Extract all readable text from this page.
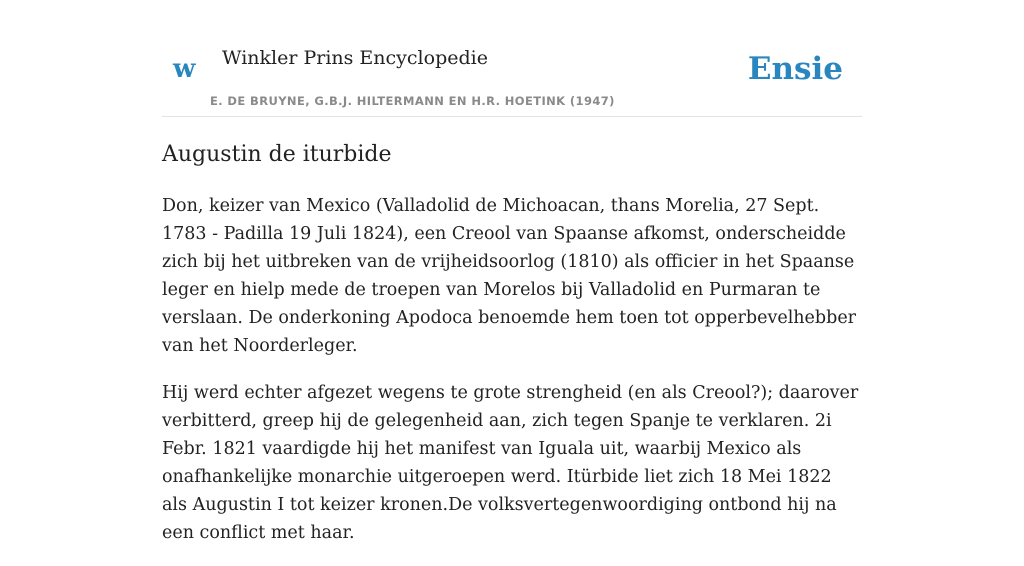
w Winkler Prins Encyclopedie
E. DE BRUYNE, G.B.J. HILTERMANN EN H.R. HOETINK (1947)
Ensie
Augustin de iturbide

Don, keizer van Mexico (Valladolid de Michoacan, thans Morelia, 27 Sept. 1783 - Padilla 19 Juli 1824), een Creool van Spaanse afkomst, onderscheidde zich bij het uitbreken van de vrijheidsoorlog (1810) als officier in het Spaanse leger en hielp mede de troepen van Morelos bij Valladolid en Purmaran te verslaan. De onderkoning Apodoca benoemde hem toen tot opperbevelhebber van het Noorderleger.

Hij werd echter afgezet wegens te grote strengheid (en als Creool?); daarover verbitterd, greep hij de gelegenheid aan, zich tegen Spanje te verklaren. 2i Febr. 1821 vaardigde hij het manifest van Iguala uit, waarbij Mexico als onafhankelijke monarchie uitgeroepen werd. Itürbide liet zich 18 Mei 1822 als Augustin I tot keizer kronen.De volksvertegenwoordiging ontbond hij na een conflict met haar.
